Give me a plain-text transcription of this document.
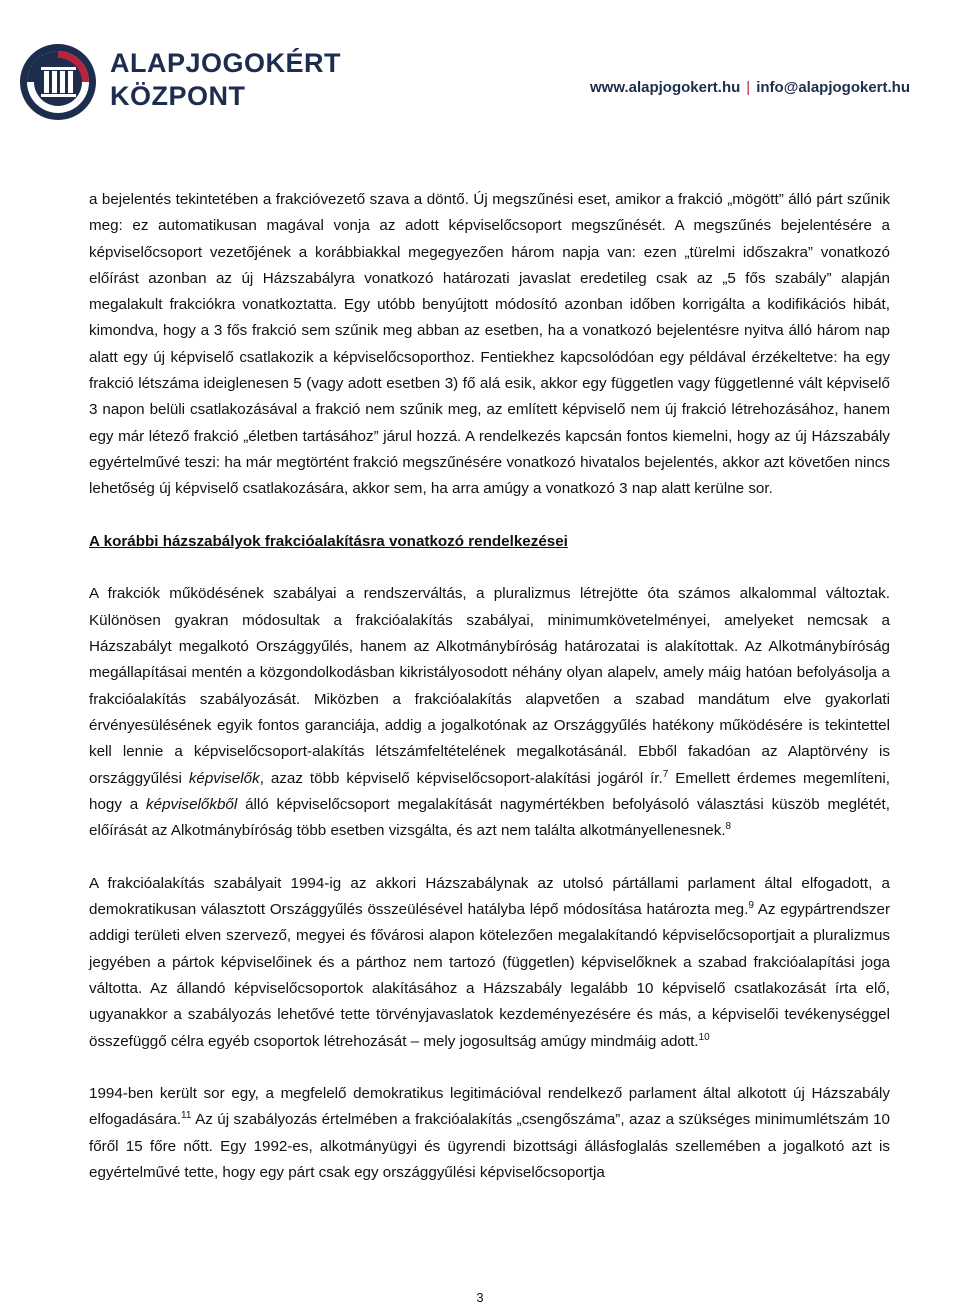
ALAPJOGOKÉRT
KÖZPONT	www.alapjogokert.hu | info@alapjogokert.hu

a bejelentés tekintetében a frakcióvezető szava a döntő. Új megszűnési eset, amikor a frakció „mögött” álló párt szűnik meg: ez automatikusan magával vonja az adott képviselőcsoport megszűnését. A megszűnés bejelentésére a képviselőcsoport vezetőjének a korábbiakkal megegyezően három napja van: ezen „türelmi időszakra” vonatkozó előírást azonban az új Házszabályra vonatkozó határozati javaslat eredetileg csak az „5 fős szabály” alapján megalakult frakciókra vonatkoztatta. Egy utóbb benyújtott módosító azonban időben korrigálta a kodifikációs hibát, kimondva, hogy a 3 fős frakció sem szűnik meg abban az esetben, ha a vonatkozó bejelentésre nyitva álló három nap alatt egy új képviselő csatlakozik a képviselőcsoporthoz. Fentiekhez kapcsolódóan egy példával érzékeltetve: ha egy frakció létszáma ideiglenesen 5 (vagy adott esetben 3) fő alá esik, akkor egy független vagy függetlenné vált képviselő 3 napon belüli csatlakozásával a frakció nem szűnik meg, az említett képviselő nem új frakció létrehozásához, hanem egy már létező frakció „életben tartásához” járul hozzá. A rendelkezés kapcsán fontos kiemelni, hogy az új Házszabály egyértelművé teszi: ha már megtörtént frakció megszűnésére vonatkozó hivatalos bejelentés, akkor azt követően nincs lehetőség új képviselő csatlakozására, akkor sem, ha arra amúgy a vonatkozó 3 nap alatt kerülne sor.

A korábbi házszabályok frakcióalakításra vonatkozó rendelkezései

A frakciók működésének szabályai a rendszerváltás, a pluralizmus létrejötte óta számos alkalommal változtak. Különösen gyakran módosultak a frakcióalakítás szabályai, minimumkövetelményei, amelyeket nemcsak a Házszabályt megalkotó Országgyűlés, hanem az Alkotmánybíróság határozatai is alakítottak. Az Alkotmánybíróság megállapításai mentén a közgondolkodásban kikristályosodott néhány olyan alapelv, amely máig hatóan befolyásolja a frakcióalakítás szabályozását. Miközben a frakcióalakítás alapvetően a szabad mandátum elve gyakorlati érvényesülésének egyik fontos garanciája, addig a jogalkotónak az Országgyűlés hatékony működésére is tekintettel kell lennie a képviselőcsoport-alakítás létszámfeltételének megalkotásánál. Ebből fakadóan az Alaptörvény is országgyűlési képviselők, azaz több képviselő képviselőcsoport-alakítási jogáról ír.$^7$ Emellett érdemes megemlíteni, hogy a képviselőkből álló képviselőcsoport megalakítását nagymértékben befolyásoló választási küszöb meglétét, előírását az Alkotmánybíróság több esetben vizsgálta, és azt nem találta alkotmányellenesnek.$^8$

A frakcióalakítás szabályait 1994-ig az akkori Házszabálynak az utolsó pártállami parlament által elfogadott, a demokratikusan választott Országgyűlés összeülésével hatályba lépő módosítása határozta meg.$^9$ Az egypártrendszer addigi területi elven szervező, megyei és fővárosi alapon kötelezően megalakítandó képviselőcsoportjait a pluralizmus jegyében a pártok képviselőinek és a párthoz nem tartozó (független) képviselőknek a szabad frakcióalapítási joga váltotta. Az állandó képviselőcsoportok alakításához a Házszabály legalább 10 képviselő csatlakozását írta elő, ugyanakkor a szabályozás lehetővé tette törvényjavaslatok kezdeményezésére és más, a képviselői tevékenységgel összefüggő célra egyéb csoportok létrehozását – mely jogosultság amúgy mindmáig adott.$^{10}$

1994-ben került sor egy, a megfelelő demokratikus legitimációval rendelkező parlament által alkotott új Házszabály elfogadására.$^{11}$ Az új szabályozás értelmében a frakcióalakítás „csengőszáma”, azaz a szükséges minimumlétszám 10 főről 15 főre nőtt. Egy 1992-es, alkotmányügyi és ügyrendi bizottsági állásfoglalás szellemében a jogalkotó azt is egyértelművé tette, hogy egy párt csak egy országgyűlési képviselőcsoportja

3
